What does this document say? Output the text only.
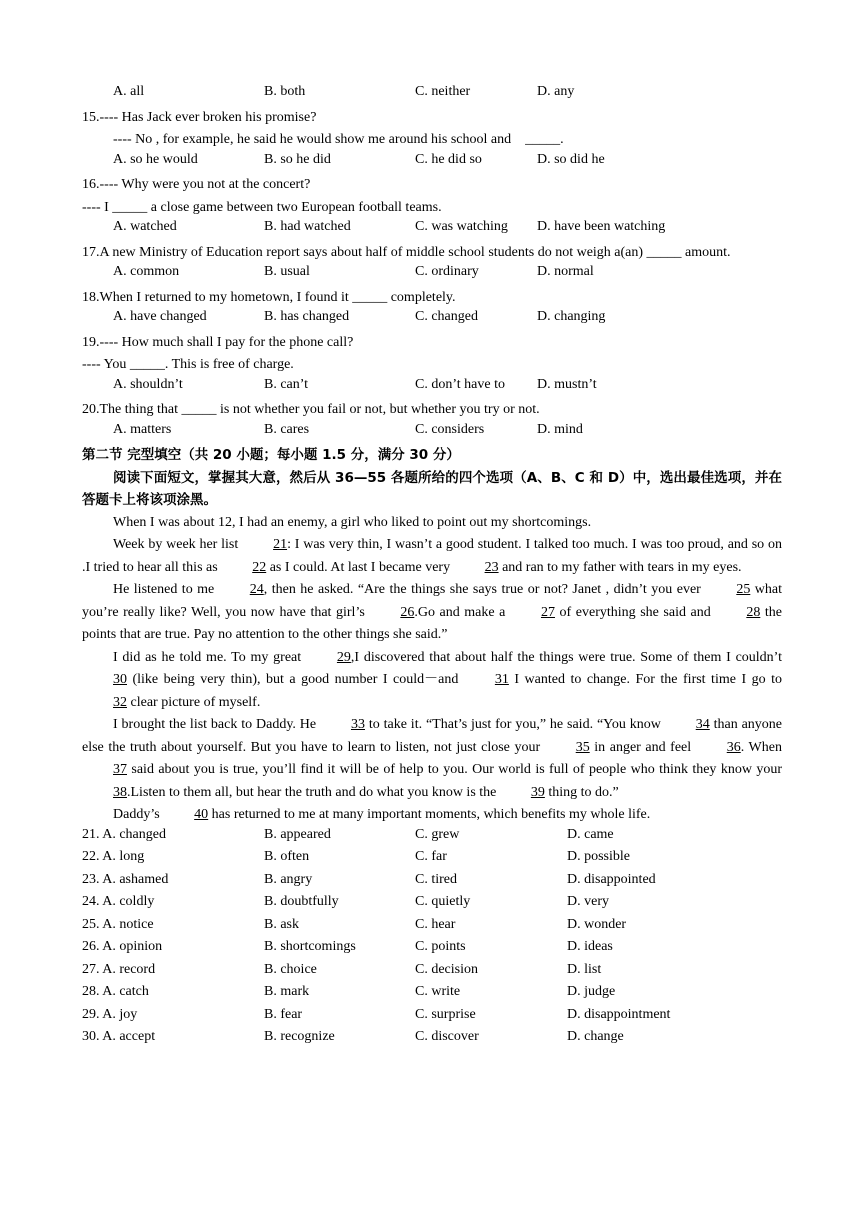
A. all	B. both	C. neither	D. any
15.---- Has Jack ever broken his promise?
---- No , for example, he said he would show me around his school and _____.
A. so he would	B. so he did	C. he did so	D. so did he
16.---- Why were you not at the concert?
---- I _____ a close game between two European football teams.
A. watched	B. had watched	C. was watching D. have been watching
17.A new Ministry of Education report says about half of middle school students do not weigh a(an) _____ amount.
A. common	B. usual	C. ordinary	D. normal
18.When I returned to my hometown, I found it _____ completely.
A. have changed	B. has changed	C. changed	D. changing
19.---- How much shall I pay for the phone call?
---- You _____. This is free of charge.
A. shouldn’t	B. can’t	C. don’t have to D. mustn’t
20.The thing that _____ is not whether you fail or not, but whether you try or not.
A. matters	B. cares	C. considers	D. mind
第二节 完型填空（共 20 小题；每小题 1.5 分，满分 30 分）
阅读下面短文，掌握其大意，然后从 36—55 各题所给的四个选项（A、B、C 和 D）中，选出最佳选项，并在答题卡上将该项涂黑。
When I was about 12, I had an enemy, a girl who liked to point out my shortcomings.
Week by week her list 21: I was very thin, I wasn’t a good student. I talked too much. I was too proud, and so on .I tried to hear all this as 22 as I could. At last I became very 23 and ran to my father with tears in my eyes.
He listened to me 24, then he asked. “Are the things she says true or not? Janet , didn’t you ever 25 what you’re really like? Well, you now have that girl’s 26.Go and make a 27 of everything she said and 28 the points that are true. Pay no attention to the other things she said.”
I did as he told me. To my great 29,I discovered that about half the things were true. Some of them I couldn’t 30 (like being very thin), but a good number I could－and 31 I wanted to change. For the first time I go to 32 clear picture of myself.
I brought the list back to Daddy. He 33 to take it. “That’s just for you,” he said. “You know 34 than anyone else the truth about yourself. But you have to learn to listen, not just close your 35 in anger and feel 36. When 37 said about you is true, you’ll find it will be of help to you. Our world is full of people who think they know your 38.Listen to them all, but hear the truth and do what you know is the 39 thing to do.”
Daddy’s 40 has returned to me at many important moments, which benefits my whole life.
21. A. changed	B. appeared	C. grew	D. came
22. A. long	B. often	C. far	D. possible
23. A. ashamed	B. angry	C. tired	D. disappointed
24. A. coldly	B. doubtfully	C. quietly	D. very
25. A. notice	B. ask	C. hear	D. wonder
26. A. opinion	B. shortcomings	C. points	D. ideas
27. A. record	B. choice	C. decision	D. list
28. A. catch	B. mark	C. write	D. judge
29. A. joy	B. fear	C. surprise	D. disappointment
30. A. accept	B. recognize	C. discover	D. change
